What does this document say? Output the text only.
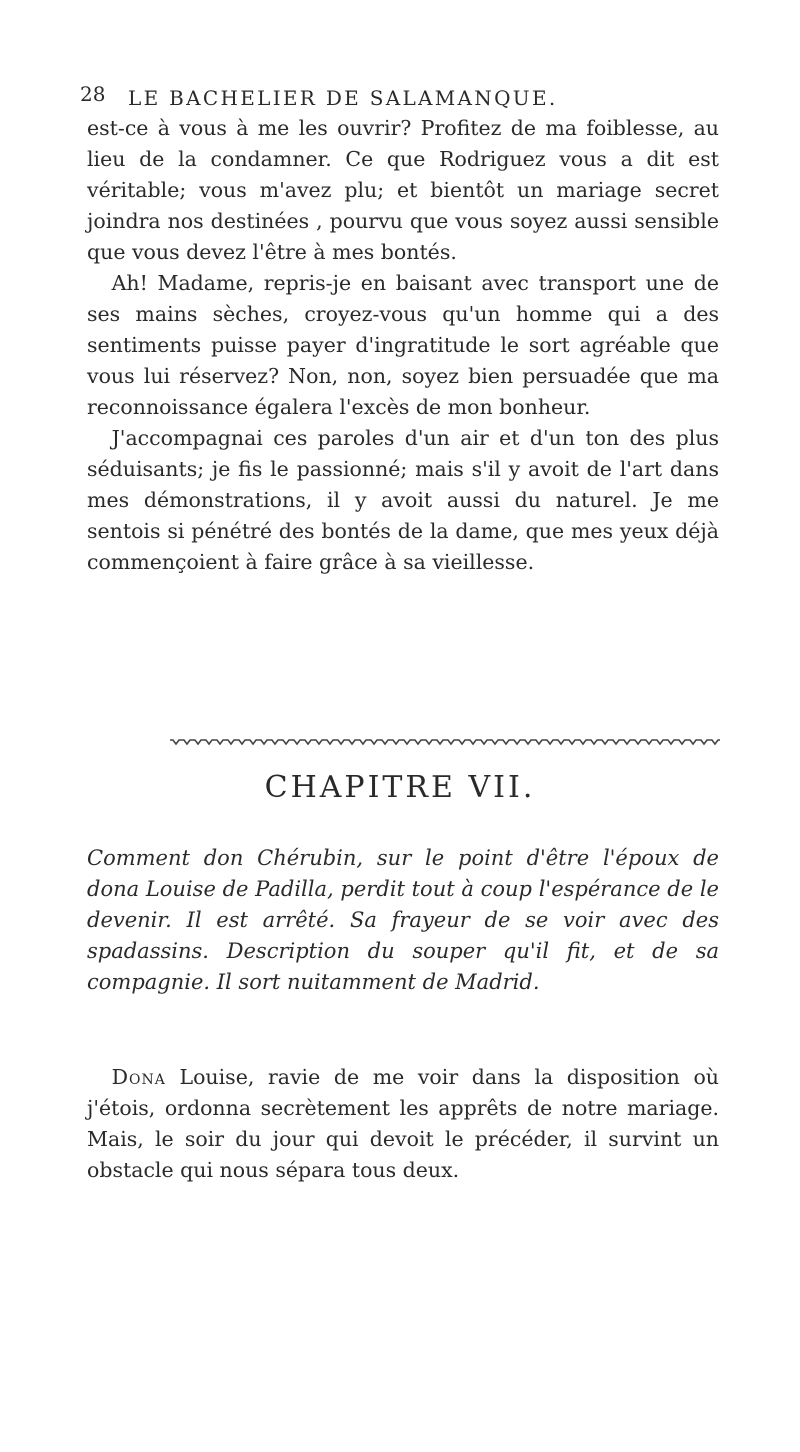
28 LE BACHELIER DE SALAMANQUE.

est-ce à vous à me les ouvrir? Profitez de ma foiblesse, au lieu de la condamner. Ce que Rodriguez vous a dit est véritable; vous m'avez plu; et bientôt un mariage secret joindra nos destinées , pourvu que vous soyez aussi sensible que vous devez l'être à mes bontés.

Ah! Madame, repris-je en baisant avec transport une de ses mains sèches, croyez-vous qu'un homme qui a des sentiments puisse payer d'ingratitude le sort agréable que vous lui réservez? Non, non, soyez bien persuadée que ma reconnoissance égalera l'excès de mon bonheur.

J'accompagnai ces paroles d'un air et d'un ton des plus séduisants; je fis le passionné; mais s'il y avoit de l'art dans mes démonstrations, il y avoit aussi du naturel. Je me sentois si pénétré des bontés de la dame, que mes yeux déjà commençoient à faire grâce à sa vieillesse.

CHAPITRE VII.
Comment don Chérubin, sur le point d'être l'époux de dona Louise de Padilla, perdit tout à coup l'espérance de le devenir. Il est arrêté. Sa frayeur de se voir avec des spadassins. Description du souper qu'il fit, et de sa compagnie. Il sort nuitamment de Madrid.

Dona Louise, ravie de me voir dans la disposition où j'étois, ordonna secrètement les apprêts de notre mariage. Mais, le soir du jour qui devoit le précéder, il survint un obstacle qui nous sépara tous deux.
